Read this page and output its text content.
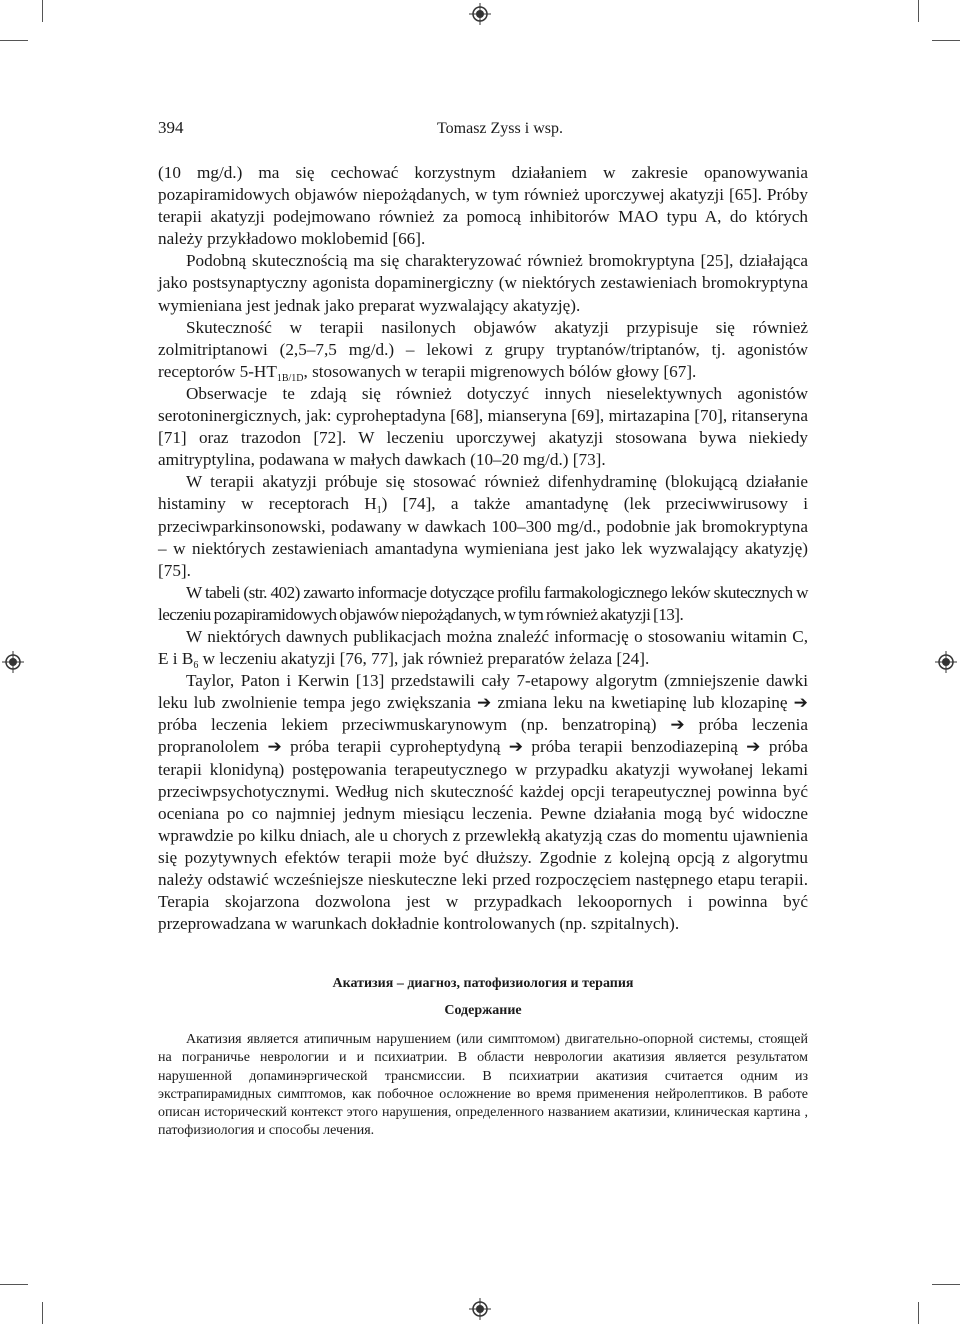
394	Tomasz Zyss i wsp.

(10 mg/d.) ma się cechować korzystnym działaniem w zakresie opanowywania pozapiramidowych objawów niepożądanych, w tym również uporczywej akatyzji [65]. Próby terapii akatyzji podejmowano również za pomocą inhibitorów MAO typu A, do których należy przykładowo moklobemid [66].

Podobną skutecznością ma się charakteryzować również bromokryptyna [25], działająca jako postsynaptyczny agonista dopaminergiczny (w niektórych zestawieniach bromokryptyna wymieniana jest jednak jako preparat wyzwalający akatyzję).

Skuteczność w terapii nasilonych objawów akatyzji przypisuje się również zolmitriptanowi (2,5–7,5 mg/d.) – lekowi z grupy tryptanów/triptanów, tj. agonistów receptorów $5-HT_{1B/1D}$, stosowanych w terapii migrenowych bólów głowy [67].

Obserwacje te zdają się również dotyczyć innych nieselektywnych agonistów serotoninergicznych, jak: cyproheptadyna [68], mianseryna [69], mirtazapina [70], ritanseryna [71] oraz trazodon [72]. W leczeniu uporczywej akatyzji stosowana bywa niekiedy amitryptylina, podawana w małych dawkach (10–20 mg/d.) [73].

W terapii akatyzji próbuje się stosować również difenhydraminę (blokującą działanie histaminy w receptorach $H_1$) [74], a także amantadynę (lek przeciwwirusowy i przeciwparkinsonowski, podawany w dawkach 100–300 mg/d., podobnie jak bromokryptyna – w niektórych zestawieniach amantadyna wymieniana jest jako lek wyzwalający akatyzję) [75].

W tabeli (str. 402) zawarto informacje dotyczące profilu farmakologicznego leków skutecznych w leczeniu pozapiramidowych objawów niepożądanych, w tym również akatyzji [13].

W niektórych dawnych publikacjach można znaleźć informację o stosowaniu witamin C, E i $B_6$ w leczeniu akatyzji [76, 77], jak również preparatów żelaza [24].

Taylor, Paton i Kerwin [13] przedstawili cały 7-etapowy algorytm (zmniejszenie dawki leku lub zwolnienie tempa jego zwiększania ➔ zmiana leku na kwetiapinę lub klozapinę ➔ próba leczenia lekiem przeciwmuskarynowym (np. benzatropiną) ➔ próba leczenia propranololem ➔ próba terapii cyproheptydyną ➔ próba terapii benzodiazepiną ➔ próba terapii klonidyną) postępowania terapeutycznego w przypadku akatyzji wywołanej lekami przeciwpsychotycznymi. Według nich skuteczność każdej opcji terapeutycznej powinna być oceniana po co najmniej jednym miesiącu leczenia. Pewne działania mogą być widoczne wprawdzie po kilku dniach, ale u chorych z przewlekłą akatyzją czas do momentu ujawnienia się pozytywnych efektów terapii może być dłuższy. Zgodnie z kolejną opcją z algorytmu należy odstawić wcześniejsze nieskuteczne leki przed rozpoczęciem następnego etapu terapii. Terapia skojarzona dozwolona jest w przypadkach lekoopornych i powinna być przeprowadzana w warunkach dokładnie kontrolowanych (np. szpitalnych).

Акатизия – диагноз, патофизиология и терапия
Содержание

Акатизия является атипичным нарушением (или симптомом) двигательно-опорной системы, стоящей на пограничье неврологии и и психиатрии. В области неврологии акатизия является результатом нарушенной допаминэргической трансмиссии. В психиатрии акатизия считается одним из экстрапирамидных симптомов, как побочное осложнение во время применения нейролептиков. В работе описан исторический контекст этого нарушения, определенного названием акатизии, клиническая картина , патофизиология и способы лечения.
